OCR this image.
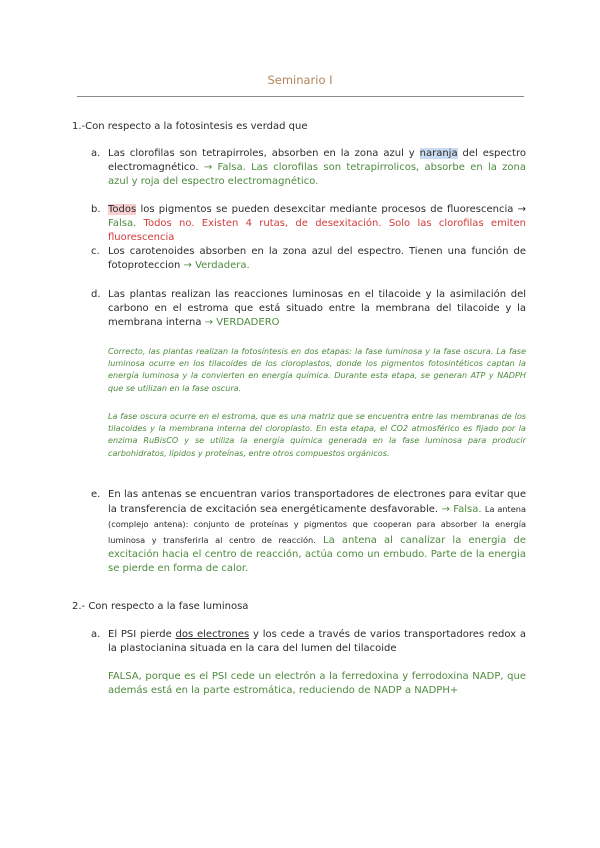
Seminario I
1.-Con respecto a la fotosintesis es verdad que
a. Las clorofilas son tetrapirroles, absorben en la zona azul y naranja del espectro electromagnético. → Falsa. Las clorofilas son tetrapirrolicos, absorbe en la zona azul y roja del espectro electromagnético.
b. Todos los pigmentos se pueden desexcitar mediante procesos de fluorescencia → Falsa. Todos no. Existen 4 rutas, de desexitación. Solo las clorofilas emiten fluorescencia
c. Los carotenoides absorben en la zona azul del espectro. Tienen una función de fotoproteccion → Verdadera.
d. Las plantas realizan las reacciones luminosas en el tilacoide y la asimilación del carbono en el estroma que está situado entre la membrana del tilacoide y la membrana interna → VERDADERO
Correcto, las plantas realizan la fotosíntesis en dos etapas: la fase luminosa y la fase oscura. La fase luminosa ocurre en los tilacoides de los cloroplastos, donde los pigmentos fotosintéticos captan la energía luminosa y la convierten en energía química. Durante esta etapa, se generan ATP y NADPH que se utilizan en la fase oscura.
La fase oscura ocurre en el estroma, que es una matriz que se encuentra entre las membranas de los tilacoides y la membrana interna del cloroplasto. En esta etapa, el CO2 atmosférico es fijado por la enzima RuBisCO y se utiliza la energía química generada en la fase luminosa para producir carbohidratos, lípidos y proteínas, entre otros compuestos orgánicos.
e. En las antenas se encuentran varios transportadores de electrones para evitar que la transferencia de excitación sea energéticamente desfavorable. → Falsa. La antena (complejo antena): conjunto de proteínas y pigmentos que cooperan para absorber la energía luminosa y transferirla al centro de reacción. La antena al canalizar la energia de excitación hacia el centro de reacción, actúa como un embudo. Parte de la energia se pierde en forma de calor.
2.- Con respecto a la fase luminosa
a. El PSI pierde dos electrones y los cede a través de varios transportadores redox a la plastocianina situada en la cara del lumen del tilacoide
FALSA, porque es el PSI cede un electrón a la ferredoxina y ferrodoxina NADP, que además está en la parte estromática, reduciendo de NADP a NADPH+
